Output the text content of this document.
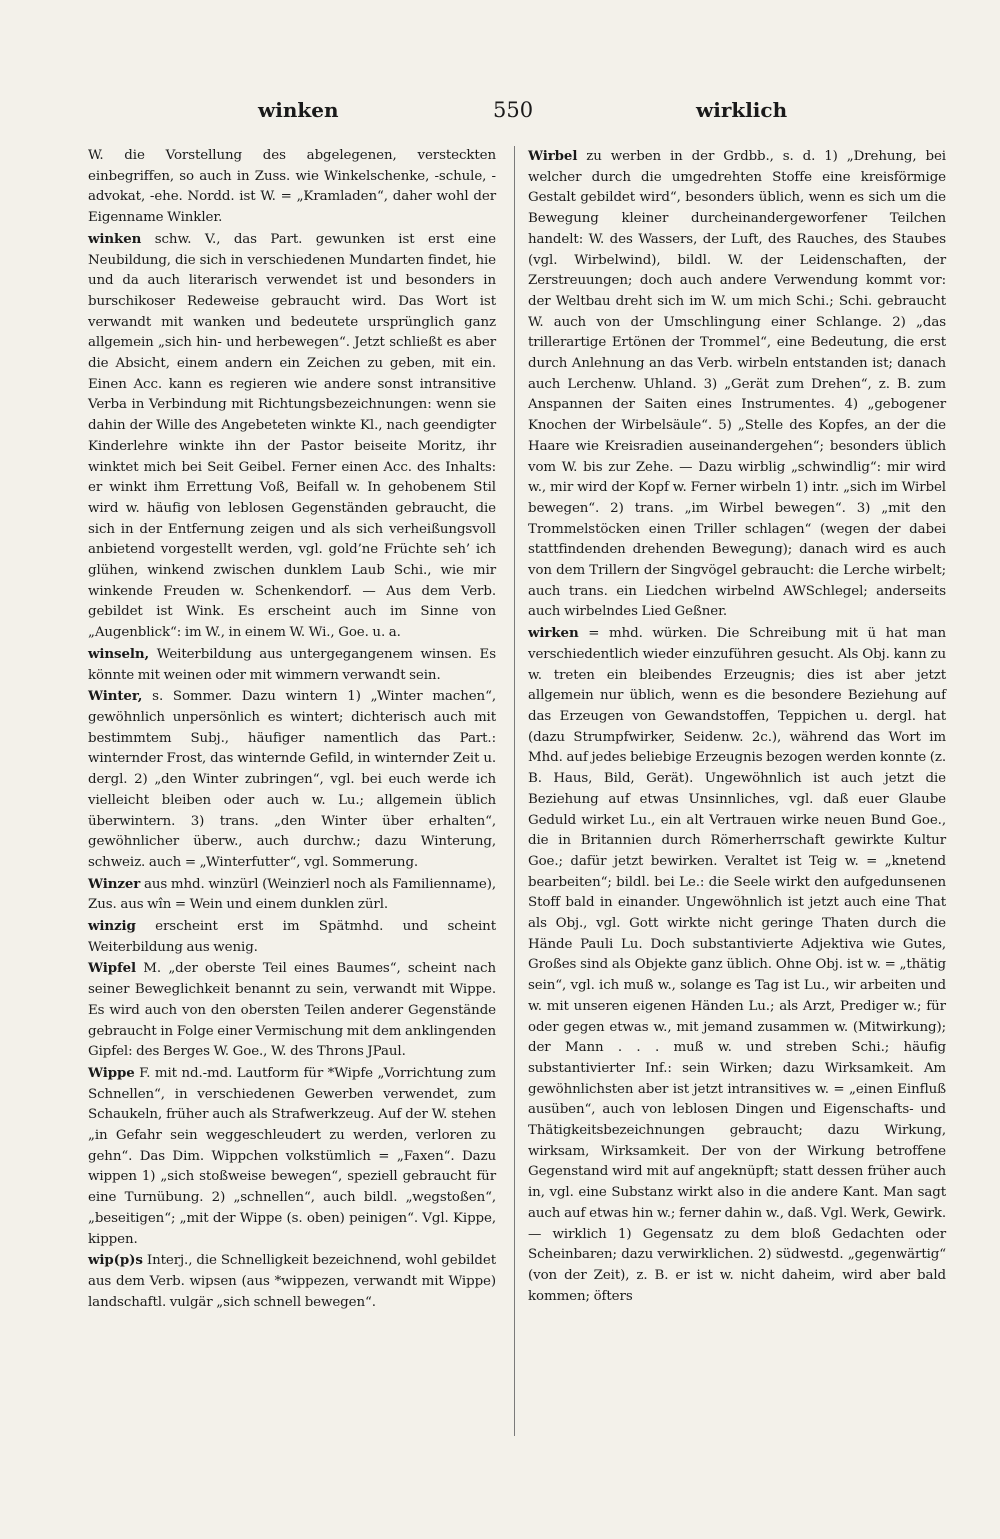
winken	550	wirklich

W. die Vorstellung des abgelegenen, versteckten einbegriffen, so auch in Zuss. wie Winkelschenke, -schule, -advokat, -ehe. Nordd. ist W. = „Kramladen“, daher wohl der Eigenname Winkler.

winken schw. V., das Part. gewunken ist erst eine Neubildung, die sich in verschiedenen Mundarten findet, hie und da auch literarisch verwendet ist und besonders in burschikoser Redeweise gebraucht wird. Das Wort ist verwandt mit wanken und bedeutete ursprünglich ganz allgemein „sich hin- und herbewegen“. Jetzt schließt es aber die Absicht, einem andern ein Zeichen zu geben, mit ein. Einen Acc. kann es regieren wie andere sonst intransitive Verba in Verbindung mit Richtungsbezeichnungen: wenn sie dahin der Wille des Angebeteten winkte Kl., nach geendigter Kinderlehre winkte ihn der Pastor beiseite Moritz, ihr winktet mich bei Seit Geibel. Ferner einen Acc. des Inhalts: er winkt ihm Errettung Voß, Beifall w. In gehobenem Stil wird w. häufig von leblosen Gegenständen gebraucht, die sich in der Entfernung zeigen und als sich verheißungsvoll anbietend vorgestellt werden, vgl. gold’ne Früchte seh’ ich glühen, winkend zwischen dunklem Laub Schi., wie mir winkende Freuden w. Schenkendorf. — Aus dem Verb. gebildet ist Wink. Es erscheint auch im Sinne von „Augenblick“: im W., in einem W. Wi., Goe. u. a.

winseln, Weiterbildung aus untergegangenem winsen. Es könnte mit weinen oder mit wimmern verwandt sein.

Winter, s. Sommer. Dazu wintern 1) „Winter machen“, gewöhnlich unpersönlich es wintert; dichterisch auch mit bestimmtem Subj., häufiger namentlich das Part.: winternder Frost, das winternde Gefild, in winternder Zeit u. dergl. 2) „den Winter zubringen“, vgl. bei euch werde ich vielleicht bleiben oder auch w. Lu.; allgemein üblich überwintern. 3) trans. „den Winter über erhalten“, gewöhnlicher überw., auch durchw.; dazu Winterung, schweiz. auch = „Winterfutter“, vgl. Sommerung.

Winzer aus mhd. winzürl (Weinzierl noch als Familienname), Zus. aus wîn = Wein und einem dunklen zürl.

winzig erscheint erst im Spätmhd. und scheint Weiterbildung aus wenig.

Wipfel M. „der oberste Teil eines Baumes“, scheint nach seiner Beweglichkeit benannt zu sein, verwandt mit Wippe. Es wird auch von den obersten Teilen anderer Gegenstände gebraucht in Folge einer Vermischung mit dem anklingenden Gipfel: des Berges W. Goe., W. des Throns JPaul.

Wippe F. mit nd.-md. Lautform für *Wipfe „Vorrichtung zum Schnellen“, in verschiedenen Gewerben verwendet, zum Schaukeln, früher auch als Strafwerkzeug. Auf der W. stehen „in Gefahr sein weggeschleudert zu werden, verloren zu gehn“. Das Dim. Wippchen volkstümlich = „Faxen“. Dazu wippen 1) „sich stoßweise bewegen“, speziell gebraucht für eine Turnübung. 2) „schnellen“, auch bildl. „wegstoßen“, „beseitigen“; „mit der Wippe (s. oben) peinigen“. Vgl. Kippe, kippen.

wip(p)s Interj., die Schnelligkeit bezeichnend, wohl gebildet aus dem Verb. wipsen (aus *wippezen, verwandt mit Wippe) landschaftl. vulgär „sich schnell bewegen“.

Wirbel zu werben in der Grdbb., s. d. 1) „Drehung, bei welcher durch die umgedrehten Stoffe eine kreisförmige Gestalt gebildet wird“, besonders üblich, wenn es sich um die Bewegung kleiner durcheinandergeworfener Teilchen handelt: W. des Wassers, der Luft, des Rauches, des Staubes (vgl. Wirbelwind), bildl. W. der Leidenschaften, der Zerstreuungen; doch auch andere Verwendung kommt vor: der Weltbau dreht sich im W. um mich Schi.; Schi. gebraucht W. auch von der Umschlingung einer Schlange. 2) „das trillerartige Ertönen der Trommel“, eine Bedeutung, die erst durch Anlehnung an das Verb. wirbeln entstanden ist; danach auch Lerchenw. Uhland. 3) „Gerät zum Drehen“, z. B. zum Anspannen der Saiten eines Instrumentes. 4) „gebogener Knochen der Wirbelsäule“. 5) „Stelle des Kopfes, an der die Haare wie Kreisradien auseinandergehen“; besonders üblich vom W. bis zur Zehe. — Dazu wirblig „schwindlig“: mir wird w., mir wird der Kopf w. Ferner wirbeln 1) intr. „sich im Wirbel bewegen“. 2) trans. „im Wirbel bewegen“. 3) „mit den Trommelstöcken einen Triller schlagen“ (wegen der dabei stattfindenden drehenden Bewegung); danach wird es auch von dem Trillern der Singvögel gebraucht: die Lerche wirbelt; auch trans. ein Liedchen wirbelnd AWSchlegel; anderseits auch wirbelndes Lied Geßner.

wirken = mhd. würken. Die Schreibung mit ü hat man verschiedentlich wieder einzuführen gesucht. Als Obj. kann zu w. treten ein bleibendes Erzeugnis; dies ist aber jetzt allgemein nur üblich, wenn es die besondere Beziehung auf das Erzeugen von Gewandstoffen, Teppichen u. dergl. hat (dazu Strumpfwirker, Seidenw. 2c.), während das Wort im Mhd. auf jedes beliebige Erzeugnis bezogen werden konnte (z. B. Haus, Bild, Gerät). Ungewöhnlich ist auch jetzt die Beziehung auf etwas Unsinnliches, vgl. daß euer Glaube Geduld wirket Lu., ein alt Vertrauen wirke neuen Bund Goe., die in Britannien durch Römerherrschaft gewirkte Kultur Goe.; dafür jetzt bewirken. Veraltet ist Teig w. = „knetend bearbeiten“; bildl. bei Le.: die Seele wirkt den aufgedunsenen Stoff bald in einander. Ungewöhnlich ist jetzt auch eine That als Obj., vgl. Gott wirkte nicht geringe Thaten durch die Hände Pauli Lu. Doch substantivierte Adjektiva wie Gutes, Großes sind als Objekte ganz üblich. Ohne Obj. ist w. = „thätig sein“, vgl. ich muß w., solange es Tag ist Lu., wir arbeiten und w. mit unseren eigenen Händen Lu.; als Arzt, Prediger w.; für oder gegen etwas w., mit jemand zusammen w. (Mitwirkung); der Mann . . . muß w. und streben Schi.; häufig substantivierter Inf.: sein Wirken; dazu Wirksamkeit. Am gewöhnlichsten aber ist jetzt intransitives w. = „einen Einfluß ausüben“, auch von leblosen Dingen und Eigenschafts- und Thätigkeitsbezeichnungen gebraucht; dazu Wirkung, wirksam, Wirksamkeit. Der von der Wirkung betroffene Gegenstand wird mit auf angeknüpft; statt dessen früher auch in, vgl. eine Substanz wirkt also in die andere Kant. Man sagt auch auf etwas hin w.; ferner dahin w., daß. Vgl. Werk, Gewirk. — wirklich 1) Gegensatz zu dem bloß Gedachten oder Scheinbaren; dazu verwirklichen. 2) südwestd. „gegenwärtig“ (von der Zeit), z. B. er ist w. nicht daheim, wird aber bald kommen; öfters
